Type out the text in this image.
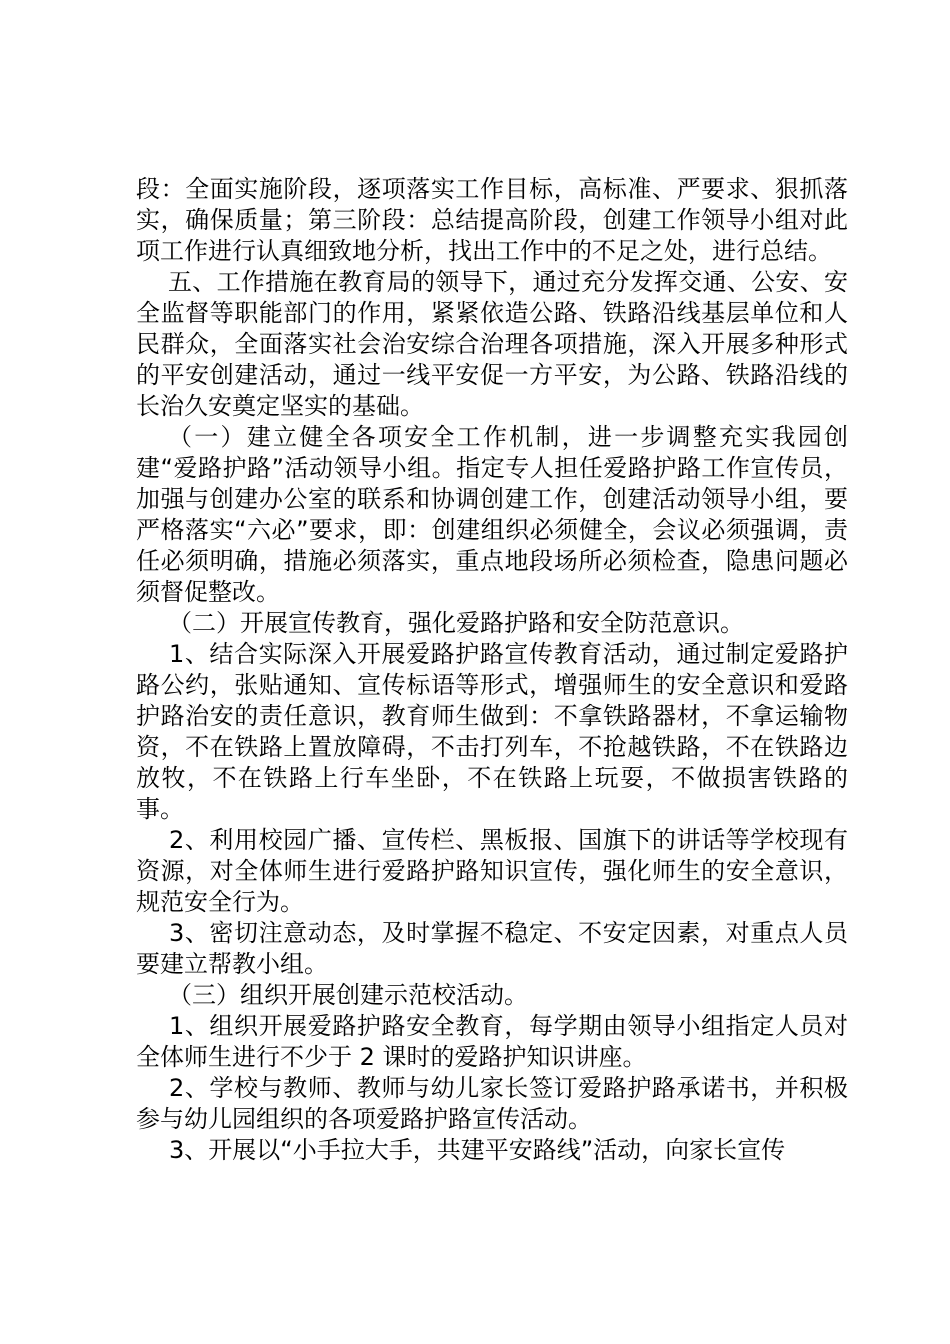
段：全面实施阶段，逐项落实工作目标，高标准、严要求、狠抓落实，确保质量；第三阶段：总结提高阶段，创建工作领导小组对此项工作进行认真细致地分析，找出工作中的不足之处，进行总结。

五、工作措施在教育局的领导下，通过充分发挥交通、公安、安全监督等职能部门的作用，紧紧依造公路、铁路沿线基层单位和人民群众，全面落实社会治安综合治理各项措施，深入开展多种形式的平安创建活动，通过一线平安促一方平安，为公路、铁路沿线的长治久安奠定坚实的基础。

（一）建立健全各项安全工作机制，进一步调整充实我园创建“爱路护路”活动领导小组。指定专人担任爱路护路工作宣传员，加强与创建办公室的联系和协调创建工作，创建活动领导小组，要严格落实“六必”要求，即：创建组织必须健全，会议必须强调，责任必须明确，措施必须落实，重点地段场所必须检查，隐患问题必须督促整改。

（二）开展宣传教育，强化爱路护路和安全防范意识。

1、结合实际深入开展爱路护路宣传教育活动，通过制定爱路护路公约，张贴通知、宣传标语等形式，增强师生的安全意识和爱路护路治安的责任意识，教育师生做到：不拿铁路器材，不拿运输物资，不在铁路上置放障碍，不击打列车，不抢越铁路，不在铁路边放牧，不在铁路上行车坐卧，不在铁路上玩耍，不做损害铁路的事。

2、利用校园广播、宣传栏、黑板报、国旗下的讲话等学校现有资源，对全体师生进行爱路护路知识宣传，强化师生的安全意识，规范安全行为。

3、密切注意动态，及时掌握不稳定、不安定因素，对重点人员要建立帮教小组。

（三）组织开展创建示范校活动。

1、组织开展爱路护路安全教育，每学期由领导小组指定人员对全体师生进行不少于 2 课时的爱路护知识讲座。

2、学校与教师、教师与幼儿家长签订爱路护路承诺书，并积极参与幼儿园组织的各项爱路护路宣传活动。

3、开展以“小手拉大手，共建平安路线”活动，向家长宣传
